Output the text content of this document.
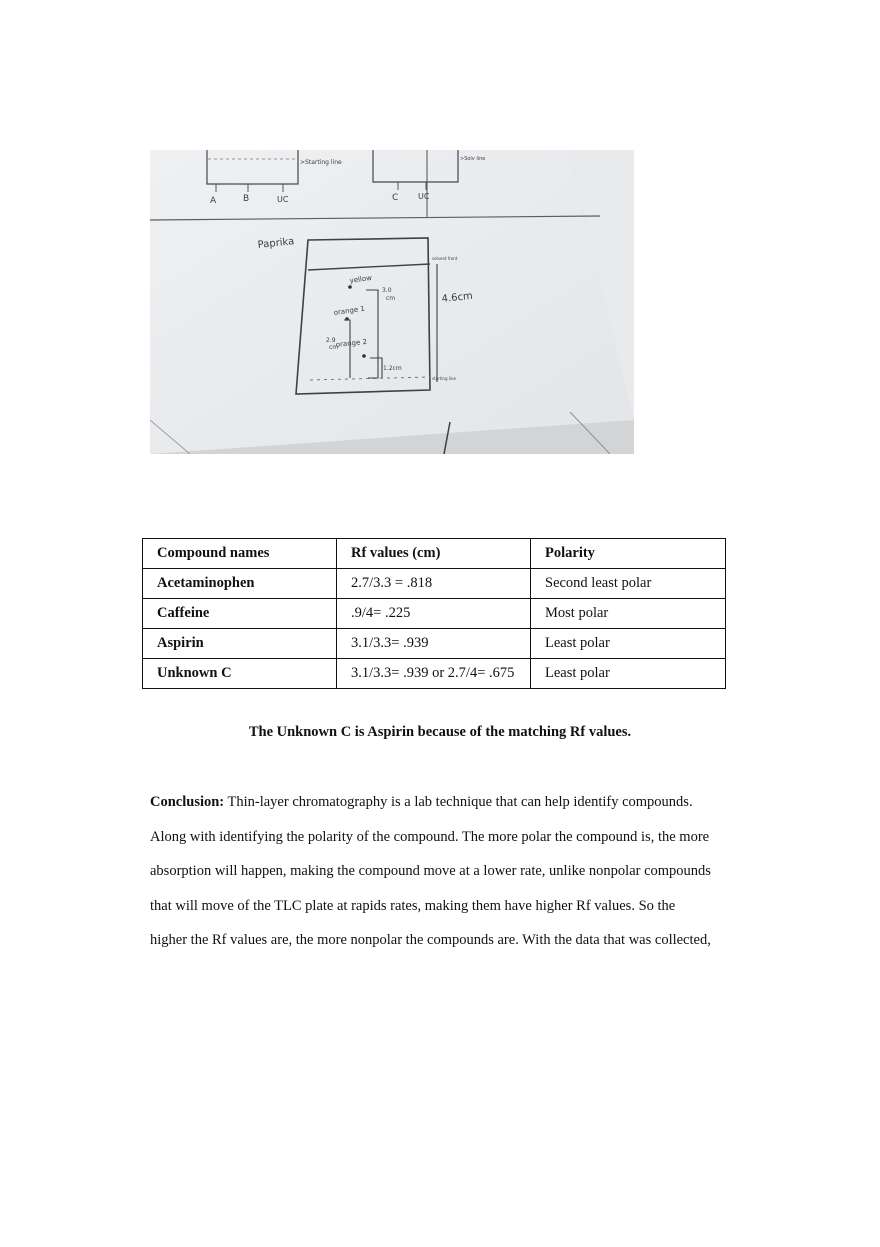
>Starting line
A	B	UC
>Solv line
C UC
Paprika
solvent front
starting line
yellow
orange 1
orange 2
3.0
cm
2.9
cm
1.2cm
4.6cm
Compound names	Rf values (cm)	Polarity
Acetaminophen	2.7/3.3 = .818	Second least polar
Caffeine	.9/4= .225	Most polar
Aspirin	3.1/3.3= .939	Least polar
Unknown C	3.1/3.3= .939 or 2.7/4= .675	Least polar
The Unknown C is Aspirin because of the matching Rf values.
Conclusion: Thin-layer chromatography is a lab technique that can help identify compounds.
Along with identifying the polarity of the compound. The more polar the compound is, the more
absorption will happen, making the compound move at a lower rate, unlike nonpolar compounds
that will move of the TLC plate at rapids rates, making them have higher Rf values. So the
higher the Rf values are, the more nonpolar the compounds are. With the data that was collected,
